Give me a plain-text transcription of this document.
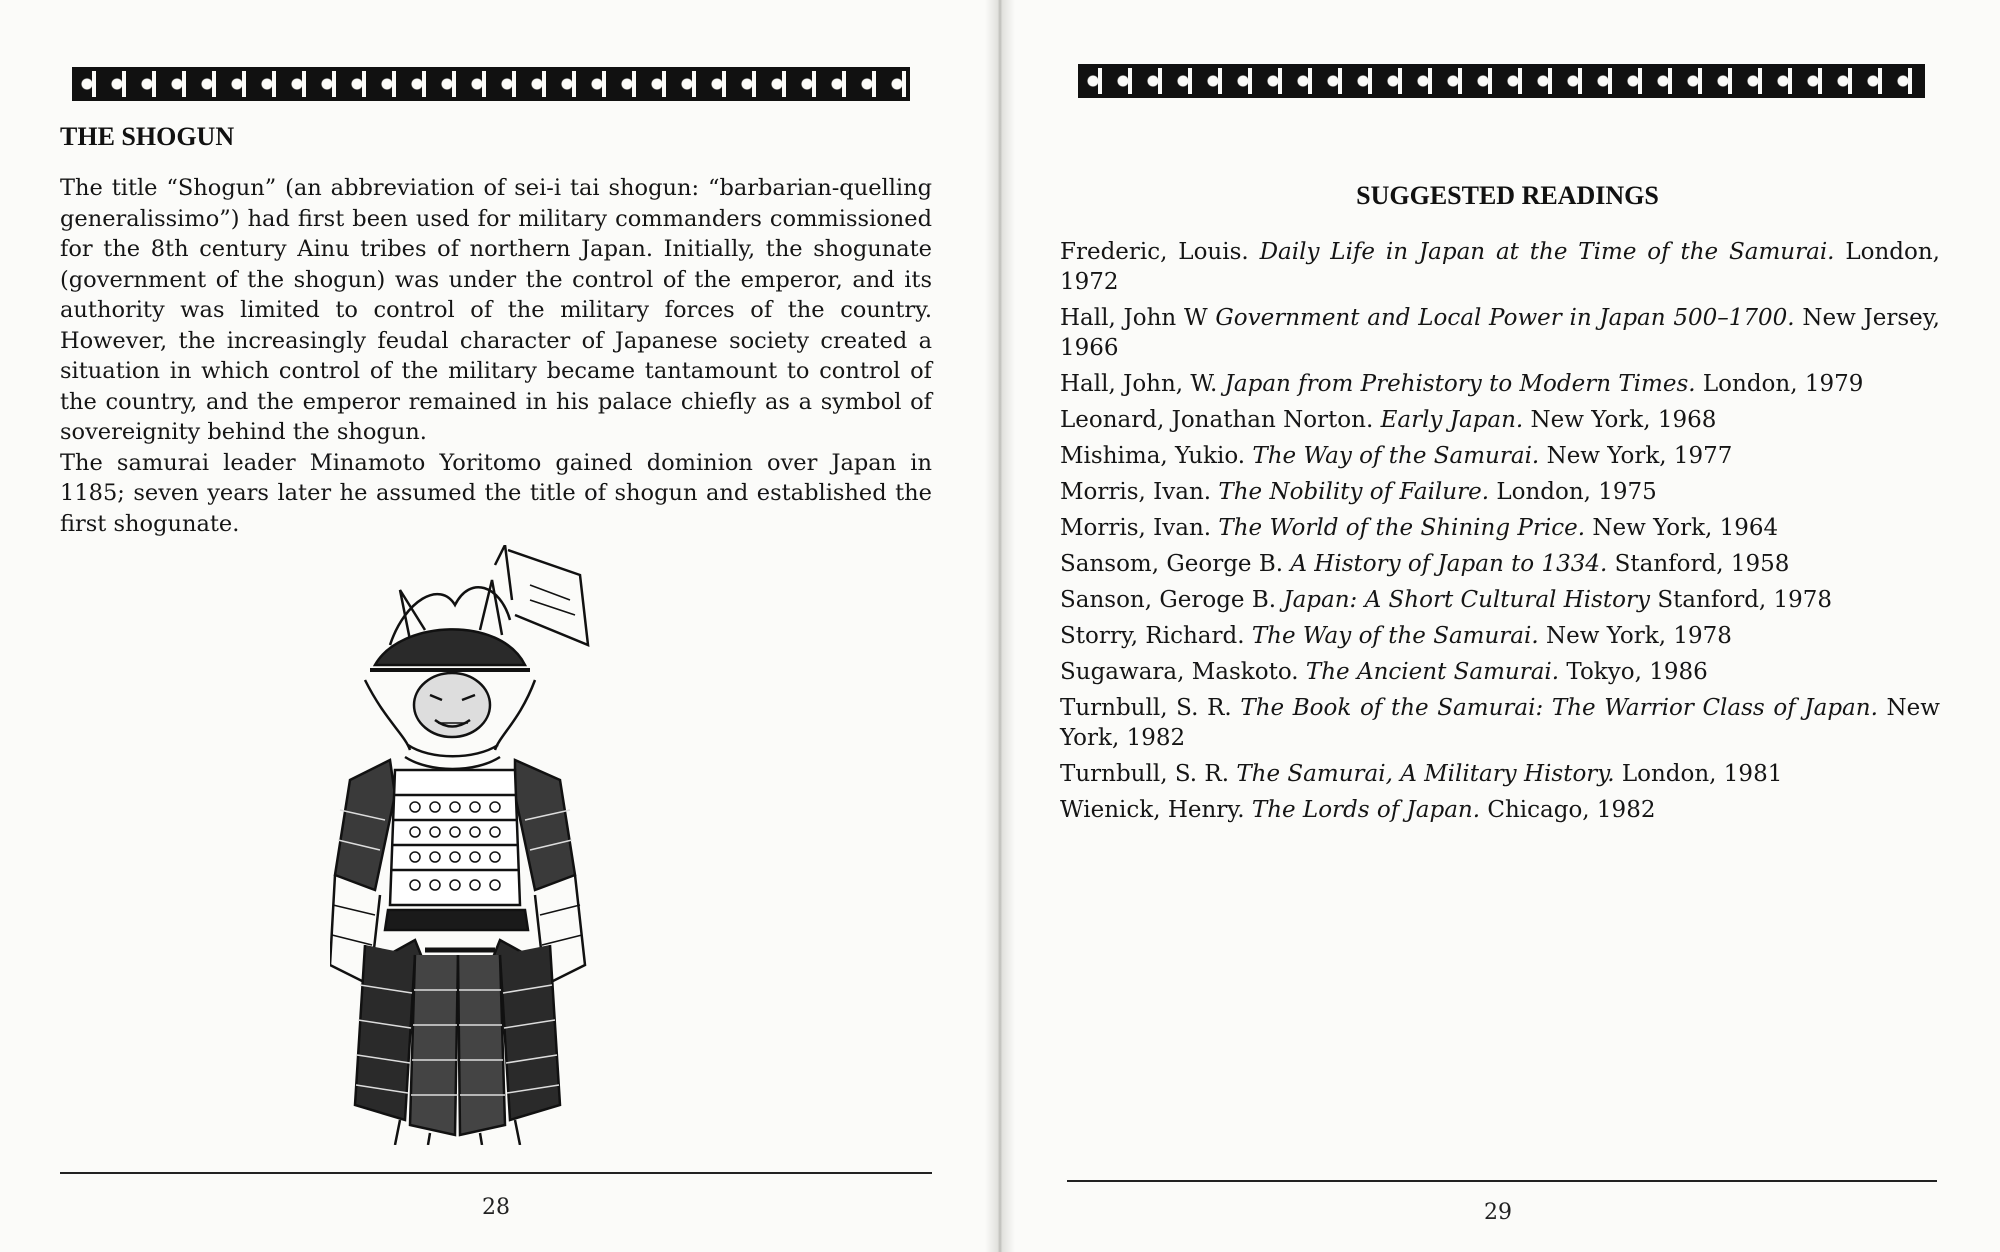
THE SHOGUN

The title “Shogun” (an abbreviation of sei-i tai shogun: “barbarian-quelling generalissimo”) had first been used for military commanders commissioned for the 8th century Ainu tribes of northern Japan. Initially, the shogunate (government of the shogun) was under the control of the emperor, and its authority was limited to control of the military forces of the country. However, the increasingly feudal character of Japanese society created a situation in which control of the military became tantamount to control of the country, and the emperor remained in his palace chiefly as a symbol of sovereignity behind the shogun.

The samurai leader Minamoto Yoritomo gained dominion over Japan in 1185; seven years later he assumed the title of shogun and established the first shogunate.

28
SUGGESTED READINGS
Frederic, Louis. Daily Life in Japan at the Time of the Samurai. London, 1972
Hall, John W Government and Local Power in Japan 500–1700. New Jersey, 1966
Hall, John, W. Japan from Prehistory to Modern Times. London, 1979
Leonard, Jonathan Norton. Early Japan. New York, 1968
Mishima, Yukio. The Way of the Samurai. New York, 1977
Morris, Ivan. The Nobility of Failure. London, 1975
Morris, Ivan. The World of the Shining Price. New York, 1964
Sansom, George B. A History of Japan to 1334. Stanford, 1958
Sanson, Geroge B. Japan: A Short Cultural History Stanford, 1978
Storry, Richard. The Way of the Samurai. New York, 1978
Sugawara, Maskoto. The Ancient Samurai. Tokyo, 1986
Turnbull, S. R. The Book of the Samurai: The Warrior Class of Japan. New York, 1982
Turnbull, S. R. The Samurai, A Military History. London, 1981
Wienick, Henry. The Lords of Japan. Chicago, 1982
29
